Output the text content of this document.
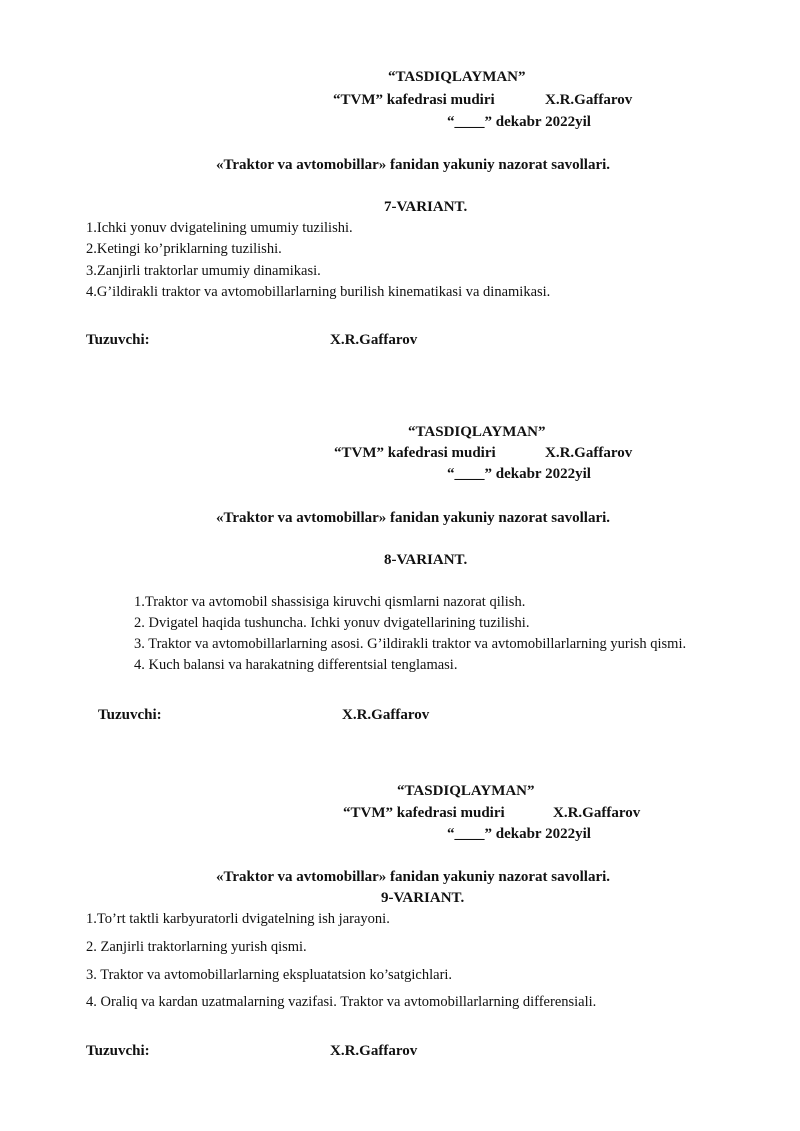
“TASDIQLAYMAN”
“TVM” kafedrasi mudiri	X.R.Gaffarov
“____” dekabr 2022yil
«Traktor va avtomobillar» fanidan yakuniy nazorat savollari.
7-VARIANT.
1.Ichki yonuv dvigatelining umumiy tuzilishi.
2.Ketingi ko’priklarning tuzilishi.
3.Zanjirli traktorlar umumiy dinamikasi.
4.G’ildirakli traktor va avtomobillarlarning burilish kinematikasi va dinamikasi.
Tuzuvchi:	X.R.Gaffarov
“TASDIQLAYMAN”
“TVM” kafedrasi mudiri	X.R.Gaffarov
“____” dekabr 2022yil
«Traktor va avtomobillar» fanidan yakuniy nazorat savollari.
8-VARIANT.
1.Traktor va avtomobil shassisiga kiruvchi qismlarni nazorat qilish.
2. Dvigatel haqida tushuncha. Ichki yonuv dvigatellarining tuzilishi.
3. Traktor va avtomobillarlarning asosi. G’ildirakli traktor va avtomobillarlarning yurish qismi.
4. Kuch balansi va harakatning differentsial tenglamasi.
Tuzuvchi:	X.R.Gaffarov
“TASDIQLAYMAN”
“TVM” kafedrasi mudiri	X.R.Gaffarov
“____” dekabr 2022yil
«Traktor va avtomobillar» fanidan yakuniy nazorat savollari.
9-VARIANT.
1.To’rt taktli karbyuratorli dvigatelning ish jarayoni.
2. Zanjirli traktorlarning yurish qismi.
3. Traktor va avtomobillarlarning ekspluatatsion ko’satgichlari.
4. Oraliq va kardan uzatmalarning vazifasi. Traktor va avtomobillarlarning differensiali.
Tuzuvchi:	X.R.Gaffarov
